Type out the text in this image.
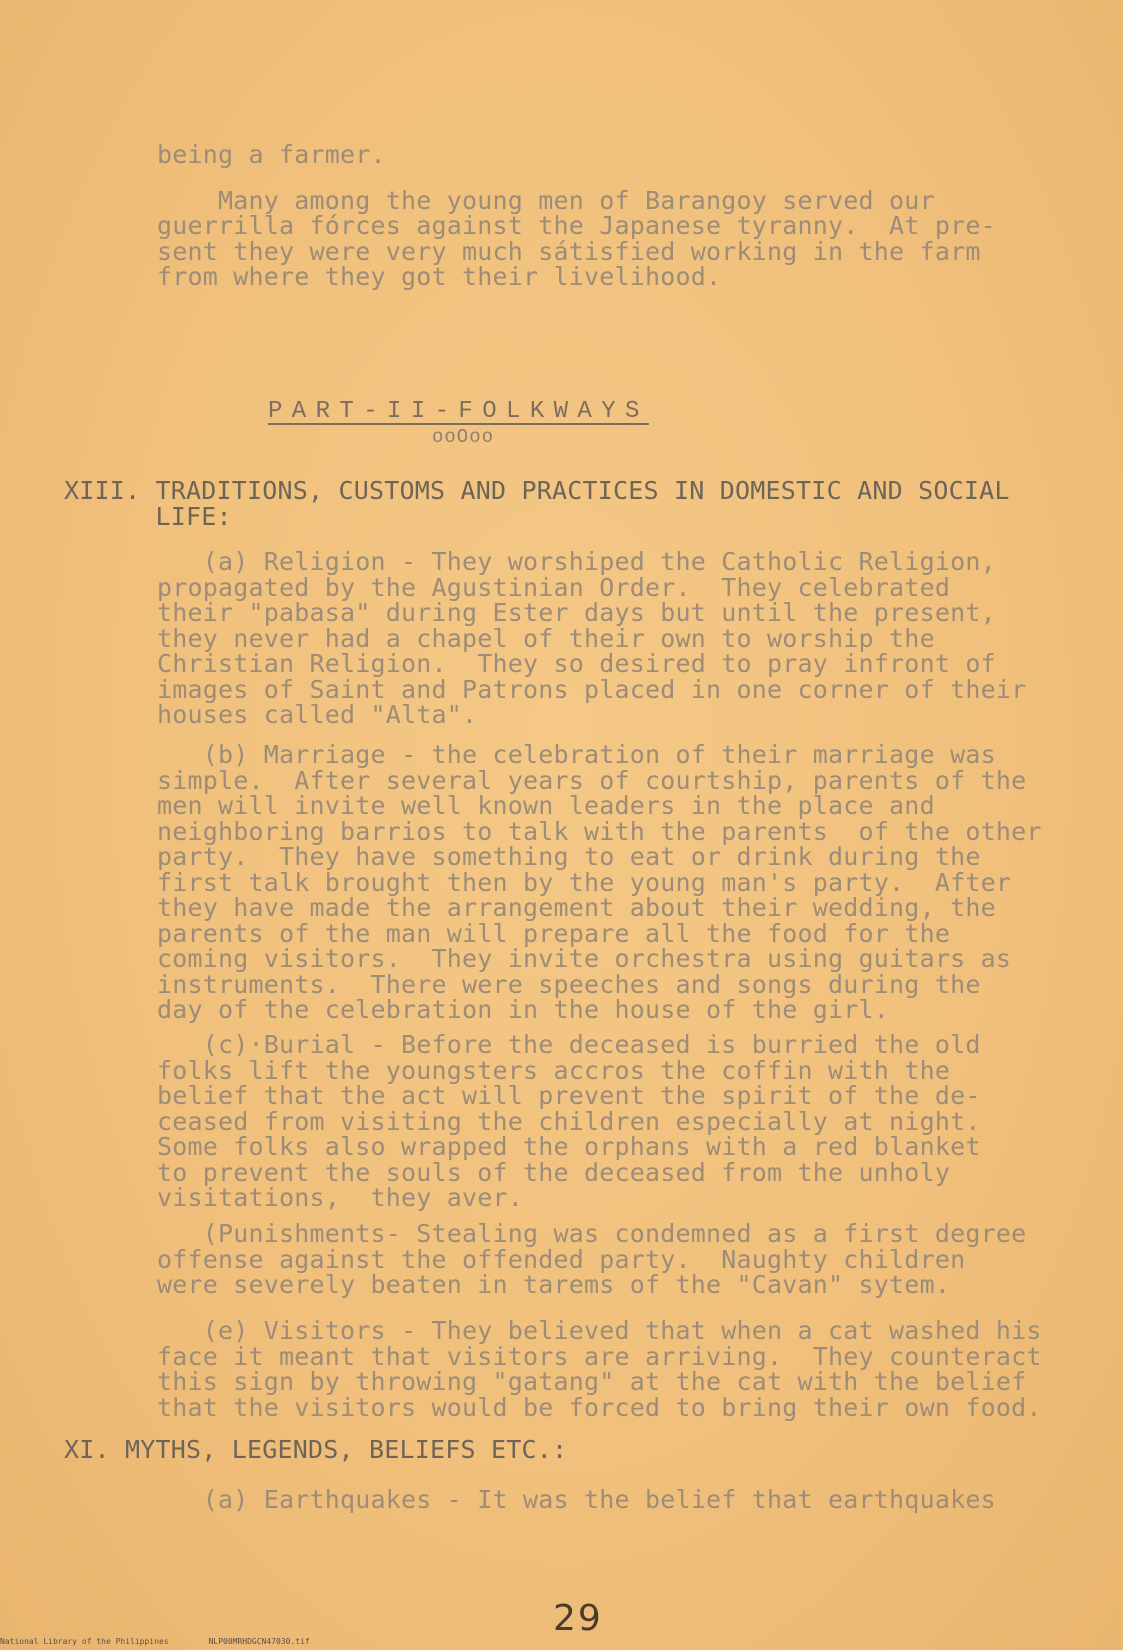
being a farmer.

Many among the young men of Barangoy served our
guerrilla fórces against the Japanese tyranny.  At pre-
sent they were very much sátisfied working in the farm
from where they got their livelihood.
PART-II-FOLKWAYS
ooOoo
XIII. TRADITIONS, CUSTOMS AND PRACTICES IN DOMESTIC AND SOCIAL
LIFE:
(a) Religion - They worshiped the Catholic Religion,
propagated by the Agustinian Order.  They celebrated
their "pabasa" during Ester days but until the present,
they never had a chapel of their own to worship the
Christian Religion.  They so desired to pray infront of
images of Saint and Patrons placed in one corner of their
houses called "Alta".
(b) Marriage - the celebration of their marriage was
simple.  After several years of courtship, parents of the
men will invite well known leaders in the place and
neighboring barrios to talk with the parents  of the other
party.  They have something to eat or drink during the
first talk brought then by the young man's party.  After
they have made the arrangement about their wedding, the
parents of the man will prepare all the food for the
coming visitors.  They invite orchestra using guitars as
instruments.  There were speeches and songs during the
day of the celebration in the house of the girl.
(c)·Burial - Before the deceased is burried the old
folks lift the youngsters accros the coffin with the
belief that the act will prevent the spirit of the de-
ceased from visiting the children especially at night.
Some folks also wrapped the orphans with a red blanket
to prevent the souls of the deceased from the unholy
visitations,  they aver.
(Punishments- Stealing was condemned as a first degree
offense against the offended party.  Naughty children
were severely beaten in tarems of the "Cavan" sytem.
(e) Visitors - They believed that when a cat washed his
face it meant that visitors are arriving.  They counteract
this sign by throwing "gatang" at the cat with the belief
that the visitors would be forced to bring their own food.
XI. MYTHS, LEGENDS, BELIEFS ETC.:
(a) Earthquakes - It was the belief that earthquakes
29
National Library of the Philippines	NLP00MRHDGCN47030.tif
